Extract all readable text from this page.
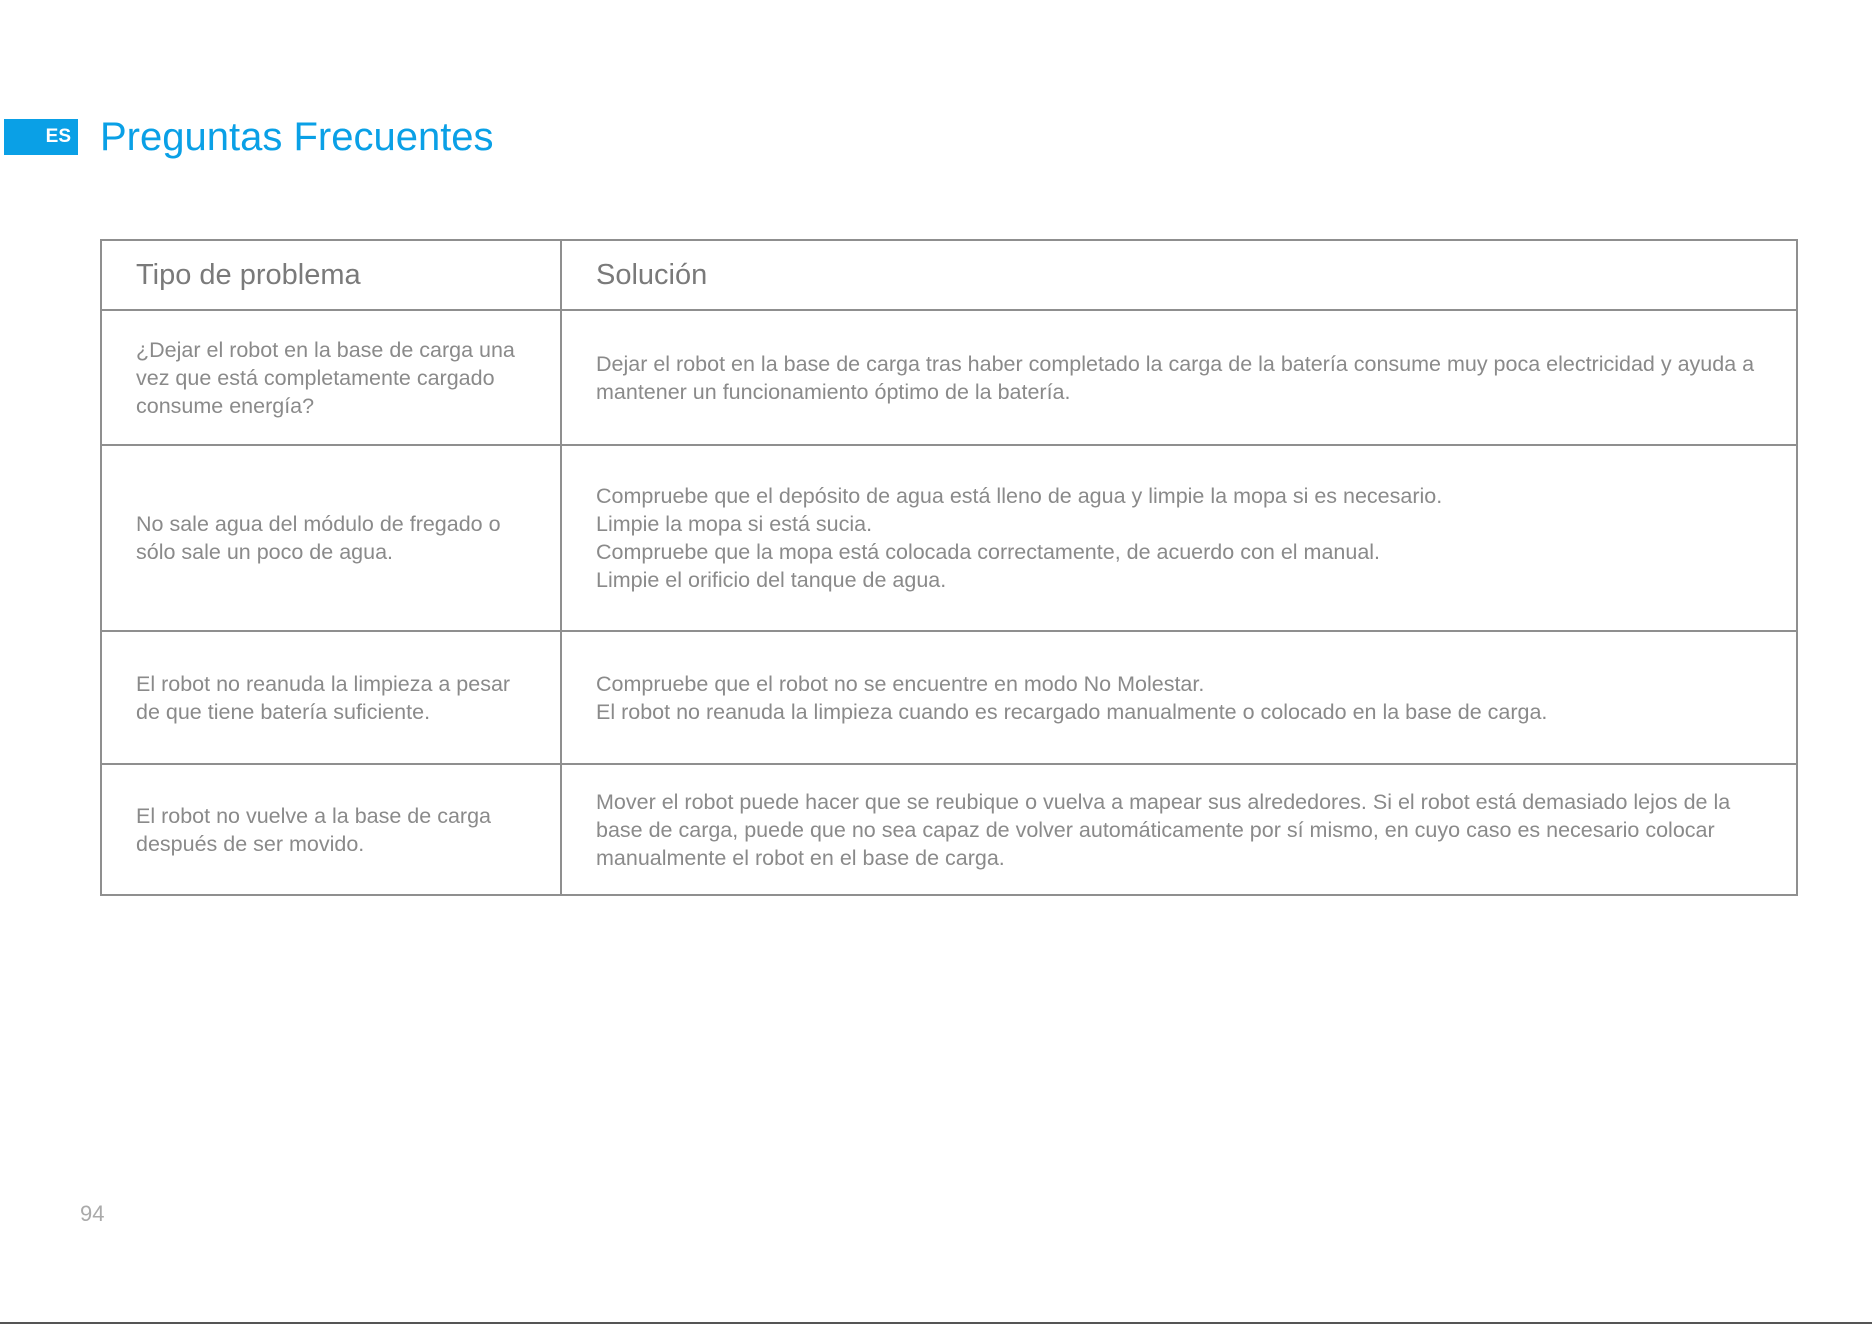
ES Preguntas Frecuentes
Tipo de problema	Solución
¿Dejar el robot en la base de carga una vez que está completamente cargado consume energía?	Dejar el robot en la base de carga tras haber completado la carga de la batería consume muy poca electricidad y ayuda a mantener un funcionamiento óptimo de la batería.

No sale agua del módulo de fregado o sólo sale un poco de agua.	Compruebe que el depósito de agua está lleno de agua y limpie la mopa si es necesario.
Limpie la mopa si está sucia.
Compruebe que la mopa está colocada correctamente, de acuerdo con el manual.
Limpie el orificio del tanque de agua.

El robot no reanuda la limpieza a pesar de que tiene batería suficiente.	Compruebe que el robot no se encuentre en modo No Molestar.
El robot no reanuda la limpieza cuando es recargado manualmente o colocado en la base de carga.

El robot no vuelve a la base de carga después de ser movido.	Mover el robot puede hacer que se reubique o vuelva a mapear sus alrededores. Si el robot está demasiado lejos de la base de carga, puede que no sea capaz de volver automáticamente por sí mismo, en cuyo caso es necesario colocar manualmente el robot en el base de carga.
94
